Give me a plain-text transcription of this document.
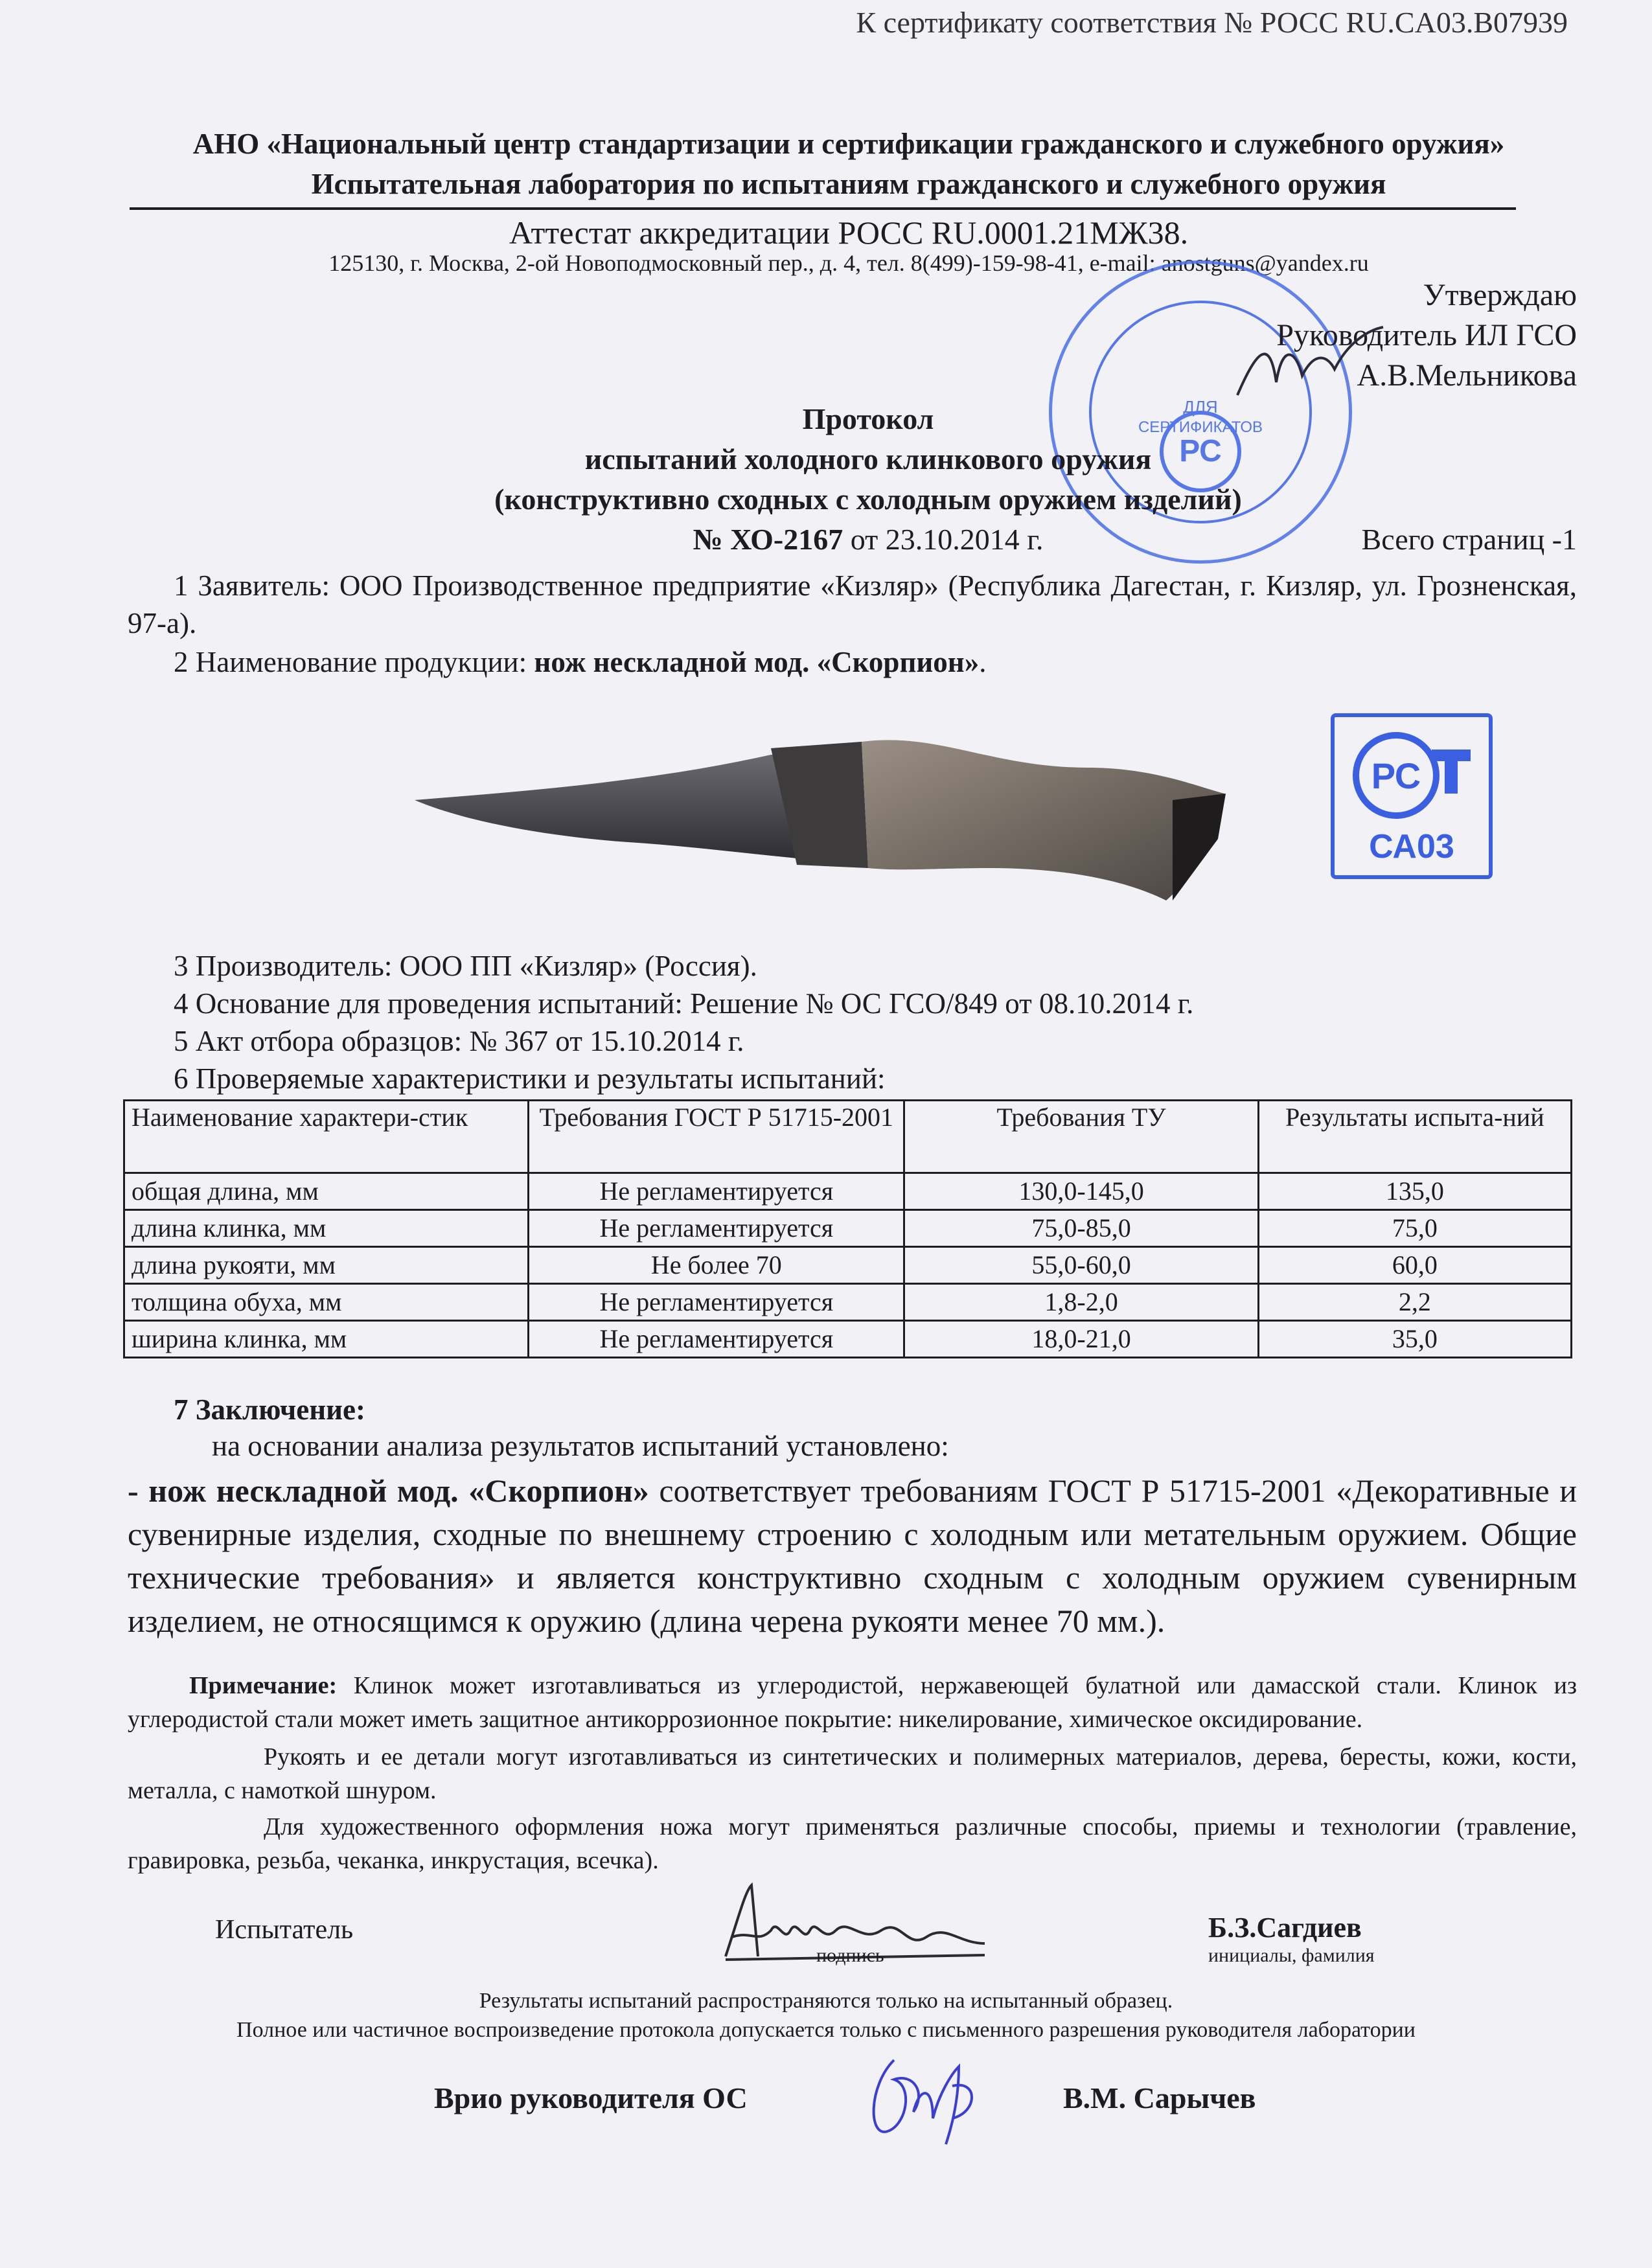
К сертификату соответствия № РОСС RU.CA03.B07939
АНО «Национальный центр стандартизации и сертификации гражданского и служебного оружия»
Испытательная лаборатория по испытаниям гражданского и служебного оружия
Аттестат аккредитации РОСС RU.0001.21МЖ38.
125130, г. Москва, 2-ой Новоподмосковный пер., д. 4, тел. 8(499)-159-98-41, e-mail: anostguns@yandex.ru
ДЛЯ
СЕРТИФИКАТОВ
РС
Утверждаю
Руководитель ИЛ ГСО
А.В.Мельникова
Протокол
испытаний холодного клинкового оружия
(конструктивно сходных с холодным оружием изделий)
№ ХО-2167 от 23.10.2014 г.	Всего страниц -1
1 Заявитель: ООО Производственное предприятие «Кизляр» (Республика Дагестан, г. Кизляр, ул. Грозненская, 97-а).
2 Наименование продукции: нож нескладной мод. «Скорпион».
РС
СА03
3 Производитель: ООО ПП «Кизляр» (Россия).
4 Основание для проведения испытаний: Решение № ОС ГСО/849 от 08.10.2014 г.
5 Акт отбора образцов: № 367 от 15.10.2014 г.
6 Проверяемые характеристики и результаты испытаний:
Наименование характери-стик	Требования ГОСТ Р 51715-2001	Требования ТУ	Результаты испыта-ний
общая длина, мм	Не регламентируется	130,0-145,0	135,0
длина клинка, мм	Не регламентируется	75,0-85,0	75,0
длина рукояти, мм	Не более 70	55,0-60,0	60,0
толщина обуха, мм	Не регламентируется	1,8-2,0	2,2
ширина клинка, мм	Не регламентируется	18,0-21,0	35,0
7 Заключение:
на основании анализа результатов испытаний установлено:
- нож нескладной мод. «Скорпион» соответствует требованиям ГОСТ Р 51715-2001 «Декоративные и сувенирные изделия, сходные по внешнему строению с холодным или метательным оружием. Общие технические требования» и является конструктивно сходным с холодным оружием сувенирным изделием, не относящимся к оружию (длина черена рукояти менее 70 мм.).
Примечание: Клинок может изготавливаться из углеродистой, нержавеющей булатной или дамасской стали. Клинок из углеродистой стали может иметь защитное антикоррозионное покрытие: никелирование, химическое оксидирование.
Рукоять и ее детали могут изготавливаться из синтетических и полимерных материалов, дерева, бересты, кожи, кости, металла, с намоткой шнуром.
Для художественного оформления ножа могут применяться различные способы, приемы и технологии (травление, гравировка, резьба, чеканка, инкрустация, всечка).
Испытатель
подпись
Б.З.Сагдиев
инициалы, фамилия
Результаты испытаний распространяются только на испытанный образец.
Полное или частичное воспроизведение протокола допускается только с письменного разрешения руководителя лаборатории
Врио руководителя ОС	В.М. Сарычев
